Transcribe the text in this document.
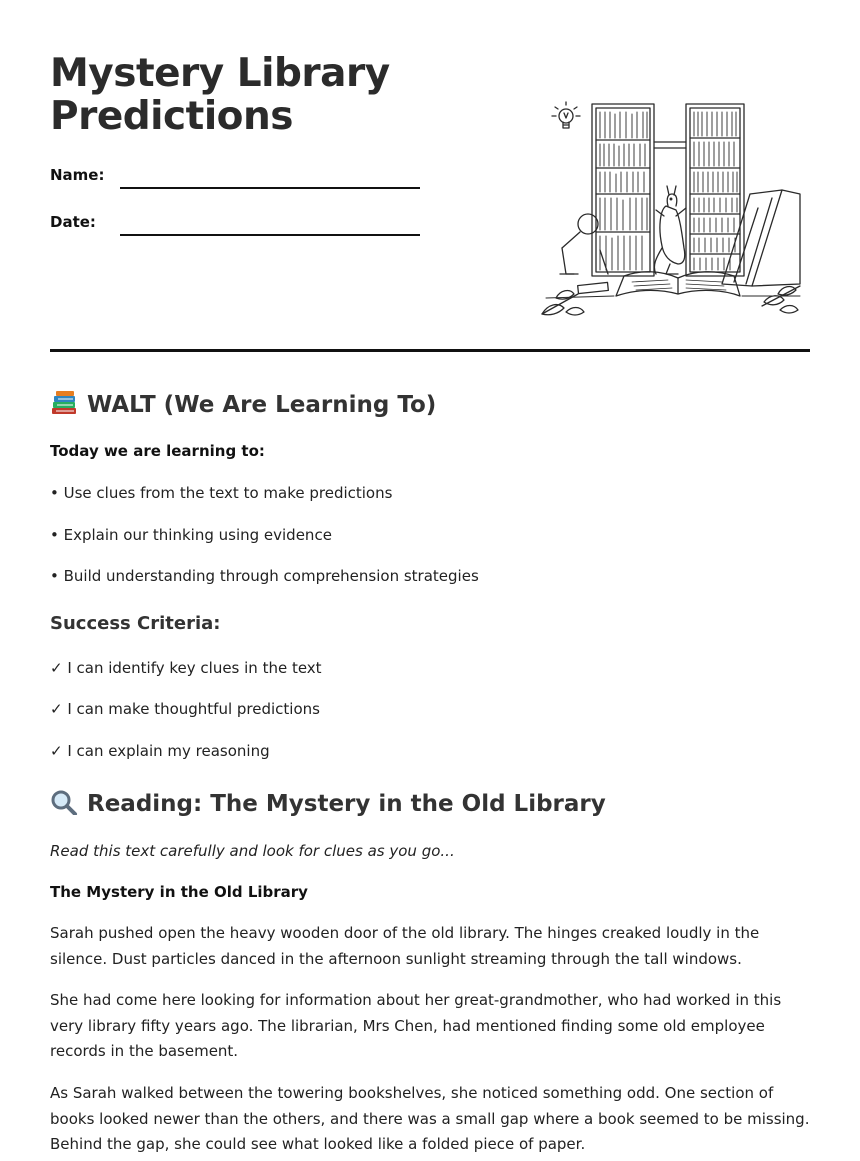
Mystery Library Predictions
Name:
Date:
WALT (We Are Learning To)
Today we are learning to:
• Use clues from the text to make predictions
• Explain our thinking using evidence
• Build understanding through comprehension strategies
Success Criteria:
✓ I can identify key clues in the text
✓ I can make thoughtful predictions
✓ I can explain my reasoning
Reading: The Mystery in the Old Library
Read this text carefully and look for clues as you go...
The Mystery in the Old Library

Sarah pushed open the heavy wooden door of the old library. The hinges creaked loudly in the silence. Dust particles danced in the afternoon sunlight streaming through the tall windows.

She had come here looking for information about her great-grandmother, who had worked in this very library fifty years ago. The librarian, Mrs Chen, had mentioned finding some old employee records in the basement.

As Sarah walked between the towering bookshelves, she noticed something odd. One section of books looked newer than the others, and there was a small gap where a book seemed to be missing. Behind the gap, she could see what looked like a folded piece of paper.
